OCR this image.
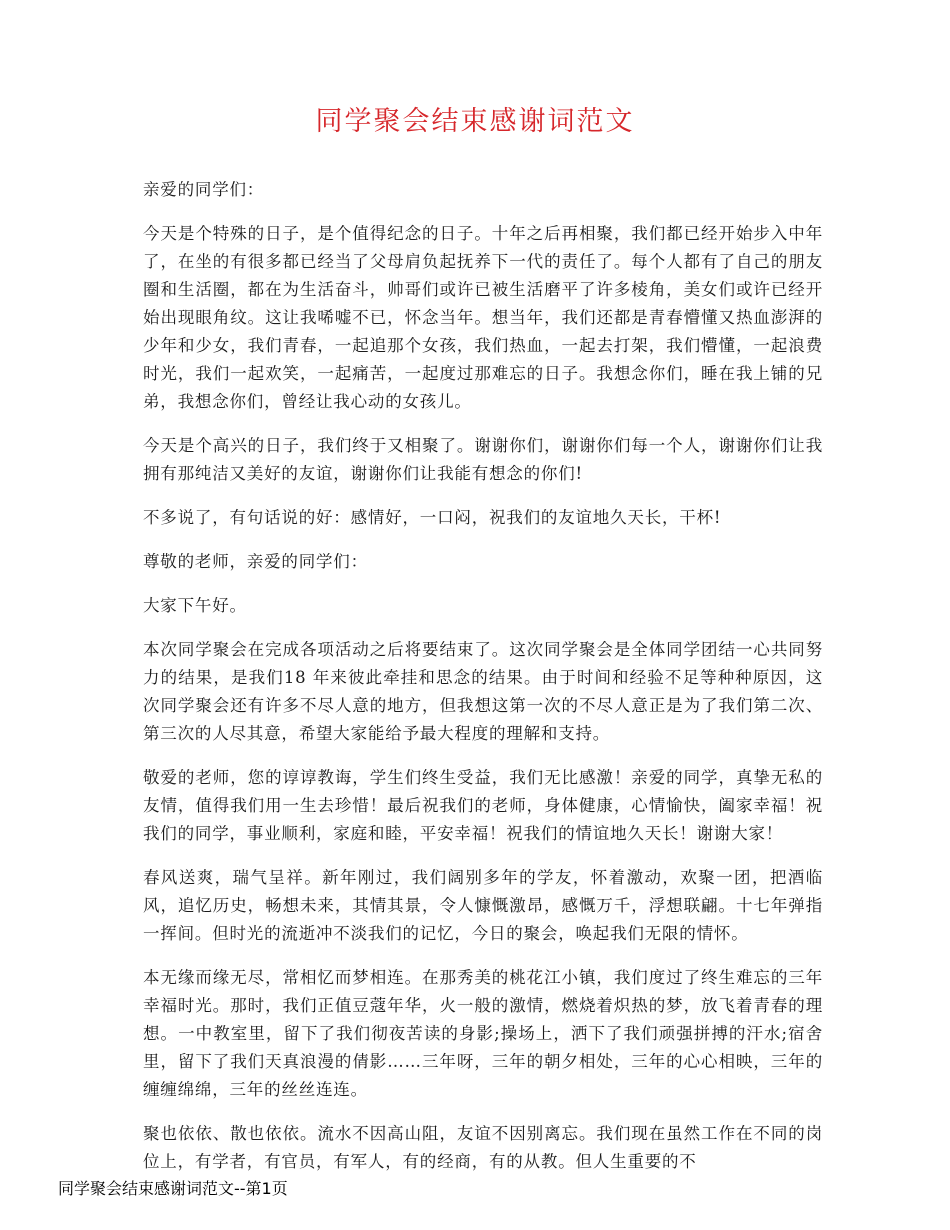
同学聚会结束感谢词范文

亲爱的同学们：

今天是个特殊的日子，是个值得纪念的日子。十年之后再相聚，我们都已经开始步入中年了，在坐的有很多都已经当了父母肩负起抚养下一代的责任了。每个人都有了自己的朋友圈和生活圈，都在为生活奋斗，帅哥们或许已被生活磨平了许多棱角，美女们或许已经开始出现眼角纹。这让我唏嘘不已，怀念当年。想当年，我们还都是青春懵懂又热血澎湃的少年和少女，我们青春，一起追那个女孩，我们热血，一起去打架，我们懵懂，一起浪费时光，我们一起欢笑，一起痛苦，一起度过那难忘的日子。我想念你们，睡在我上铺的兄弟，我想念你们，曾经让我心动的女孩儿。

今天是个高兴的日子，我们终于又相聚了。谢谢你们，谢谢你们每一个人，谢谢你们让我拥有那纯洁又美好的友谊，谢谢你们让我能有想念的你们!

不多说了，有句话说的好：感情好，一口闷，祝我们的友谊地久天长，干杯!

尊敬的老师，亲爱的同学们：

大家下午好。

本次同学聚会在完成各项活动之后将要结束了。这次同学聚会是全体同学团结一心共同努力的结果，是我们18 年来彼此牵挂和思念的结果。由于时间和经验不足等种种原因，这次同学聚会还有许多不尽人意的地方，但我想这第一次的不尽人意正是为了我们第二次、第三次的人尽其意，希望大家能给予最大程度的理解和支持。

敬爱的老师，您的谆谆教诲，学生们终生受益，我们无比感激！亲爱的同学，真挚无私的友情，值得我们用一生去珍惜！最后祝我们的老师，身体健康，心情愉快，阖家幸福！祝我们的同学，事业顺利，家庭和睦，平安幸福！祝我们的情谊地久天长！谢谢大家！

春风送爽，瑞气呈祥。新年刚过，我们阔别多年的学友，怀着激动，欢聚一团，把酒临风，追忆历史，畅想未来，其情其景，令人慷慨激昂，感慨万千，浮想联翩。十七年弹指一挥间。但时光的流逝冲不淡我们的记忆，今日的聚会，唤起我们无限的情怀。

本无缘而缘无尽，常相忆而梦相连。在那秀美的桃花江小镇，我们度过了终生难忘的三年幸福时光。那时，我们正值豆蔻年华，火一般的激情，燃烧着炽热的梦，放飞着青春的理想。一中教室里，留下了我们彻夜苦读的身影;操场上，洒下了我们顽强拼搏的汗水;宿舍里，留下了我们天真浪漫的倩影……三年呀，三年的朝夕相处，三年的心心相映，三年的缠缠绵绵，三年的丝丝连连。

聚也依依、散也依依。流水不因高山阻，友谊不因别离忘。我们现在虽然工作在不同的岗位上，有学者，有官员，有军人，有的经商，有的从教。但人生重要的不

同学聚会结束感谢词范文--第1页
